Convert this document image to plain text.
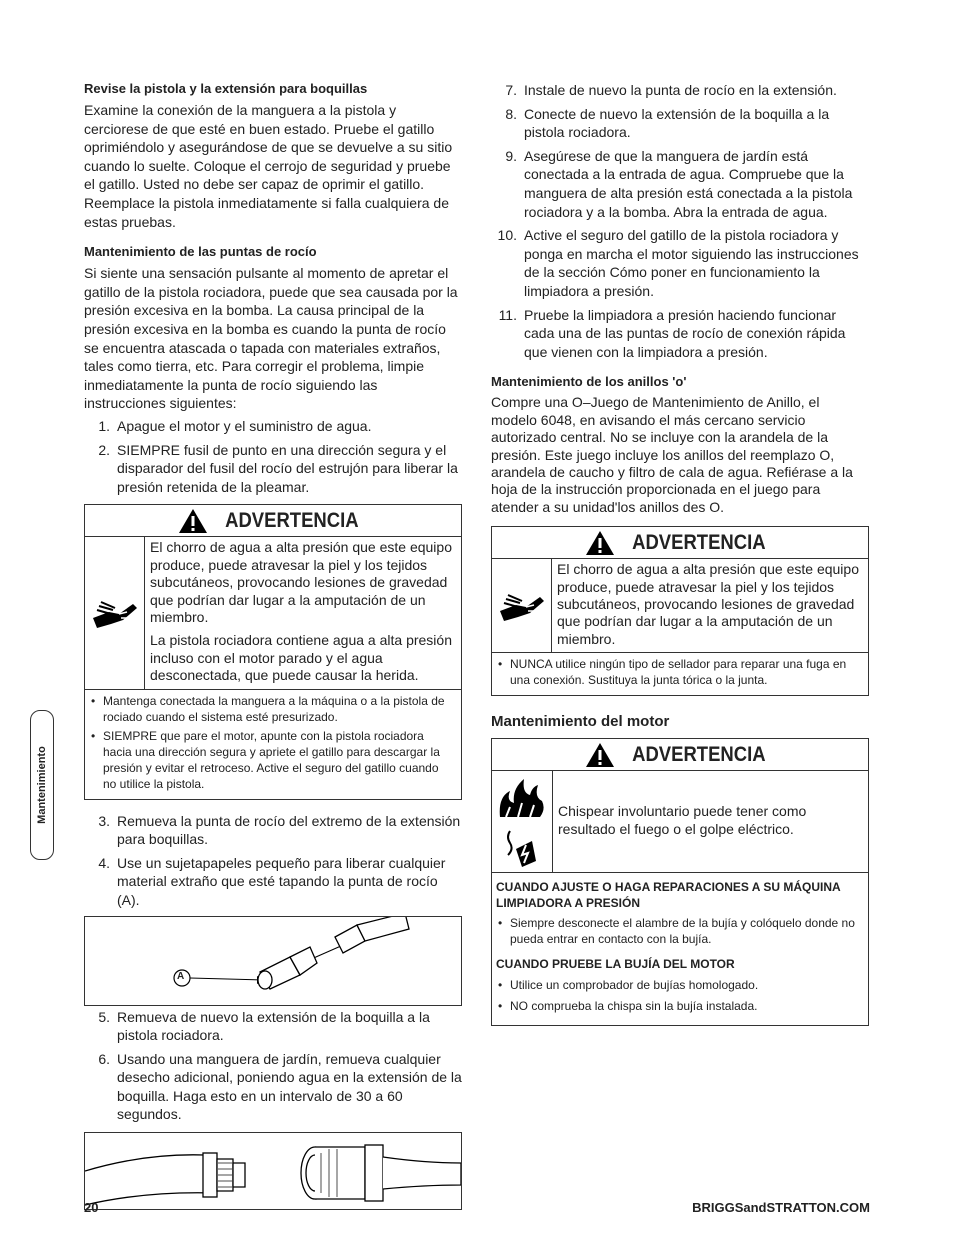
Revise la pistola y la extensión para boquillas
Examine la conexión de la manguera a la pistola y cerciorese de que esté en buen estado. Pruebe el gatillo oprimiéndolo y asegurándose de que se devuelve a su sitio cuando lo suelte. Coloque el cerrojo de seguridad y pruebe el gatillo. Usted no debe ser capaz de oprimir el gatillo. Reemplace la pistola inmediatamente si falla cualquiera de estas pruebas.
Mantenimiento de las puntas de rocío
Si siente una sensación pulsante al momento de apretar el gatillo de la pistola rociadora, puede que sea causada por la presión excesiva en la bomba. La causa principal de la presión excesiva en la bomba es cuando la punta de rocío se encuentra atascada o tapada con materiales extraños, tales como tierra, etc. Para corregir el problema, limpie inmediatamente la punta de rocío siguiendo las instrucciones siguientes:
1. Apague el motor y el suministro de agua.
2. SIEMPRE fusil de punto en una dirección segura y el disparador del fusil del rocío del estrujón para liberar la presión retenida de la pleamar.
ADVERTENCIA
El chorro de agua a alta presión que este equipo produce, puede atravesar la piel y los tejidos subcutáneos, provocando lesiones de gravedad que podrían dar lugar a la amputación de un miembro.
La pistola rociadora contiene agua a alta presión incluso con el motor parado y el agua desconectada, que puede causar la herida.
• Mantenga conectada la manguera a la máquina o a la pistola de rociado cuando el sistema esté presurizado.
• SIEMPRE que pare el motor, apunte con la pistola rociadora hacia una dirección segura y apriete el gatillo para descargar la presión y evitar el retroceso. Active el seguro del gatillo cuando no utilice la pistola.
3. Remueva la punta de rocío del extremo de la extensión para boquillas.
4. Use un sujetapapeles pequeño para liberar cualquier material extraño que esté tapando la punta de rocío (A).
A
5. Remueva de nuevo la extensión de la boquilla a la pistola rociadora.
6. Usando una manguera de jardín, remueva cualquier desecho adicional, poniendo agua en la extensión de la boquilla. Haga esto en un intervalo de 30 a 60 segundos.
7. Instale de nuevo la punta de rocío en la extensión.
8. Conecte de nuevo la extensión de la boquilla a la pistola rociadora.
9. Asegúrese de que la manguera de jardín está conectada a la entrada de agua. Compruebe que la manguera de alta presión está conectada a la pistola rociadora y a la bomba. Abra la entrada de agua.
10. Active el seguro del gatillo de la pistola rociadora y ponga en marcha el motor siguiendo las instrucciones de la sección Cómo poner en funcionamiento la limpiadora a presión.
11. Pruebe la limpiadora a presión haciendo funcionar cada una de las puntas de rocío de conexión rápida que vienen con la limpiadora a presión.
Mantenimiento de los anillos 'o'
Compre una O–Juego de Mantenimiento de Anillo, el modelo 6048, en avisando el más cercano servicio autorizado central. No se incluye con la arandela de la presión. Este juego incluye los anillos del reemplazo O, arandela de caucho y filtro de cala de agua. Refiérase a la hoja de la instrucción proporcionada en el juego para atender a su unidad'los anillos des O.
ADVERTENCIA
El chorro de agua a alta presión que este equipo produce, puede atravesar la piel y los tejidos subcutáneos, provocando lesiones de gravedad que podrían dar lugar a la amputación de un miembro.
• NUNCA utilice ningún tipo de sellador para reparar una fuga en una conexión. Sustituya la junta tórica o la junta.
Mantenimiento del motor
ADVERTENCIA
Chispear involuntario puede tener como resultado el fuego o el golpe eléctrico.
CUANDO AJUSTE O HAGA REPARACIONES A SU MÁQUINA LIMPIADORA A PRESIÓN
• Siempre desconecte el alambre de la bujía y colóquelo donde no pueda entrar en contacto con la bujía.
CUANDO PRUEBE LA BUJÍA DEL MOTOR
• Utilice un comprobador de bujías homologado.
• NO comprueba la chispa sin la bujía instalada.
Mantenimiento
20	BRIGGSandSTRATTON.COM
